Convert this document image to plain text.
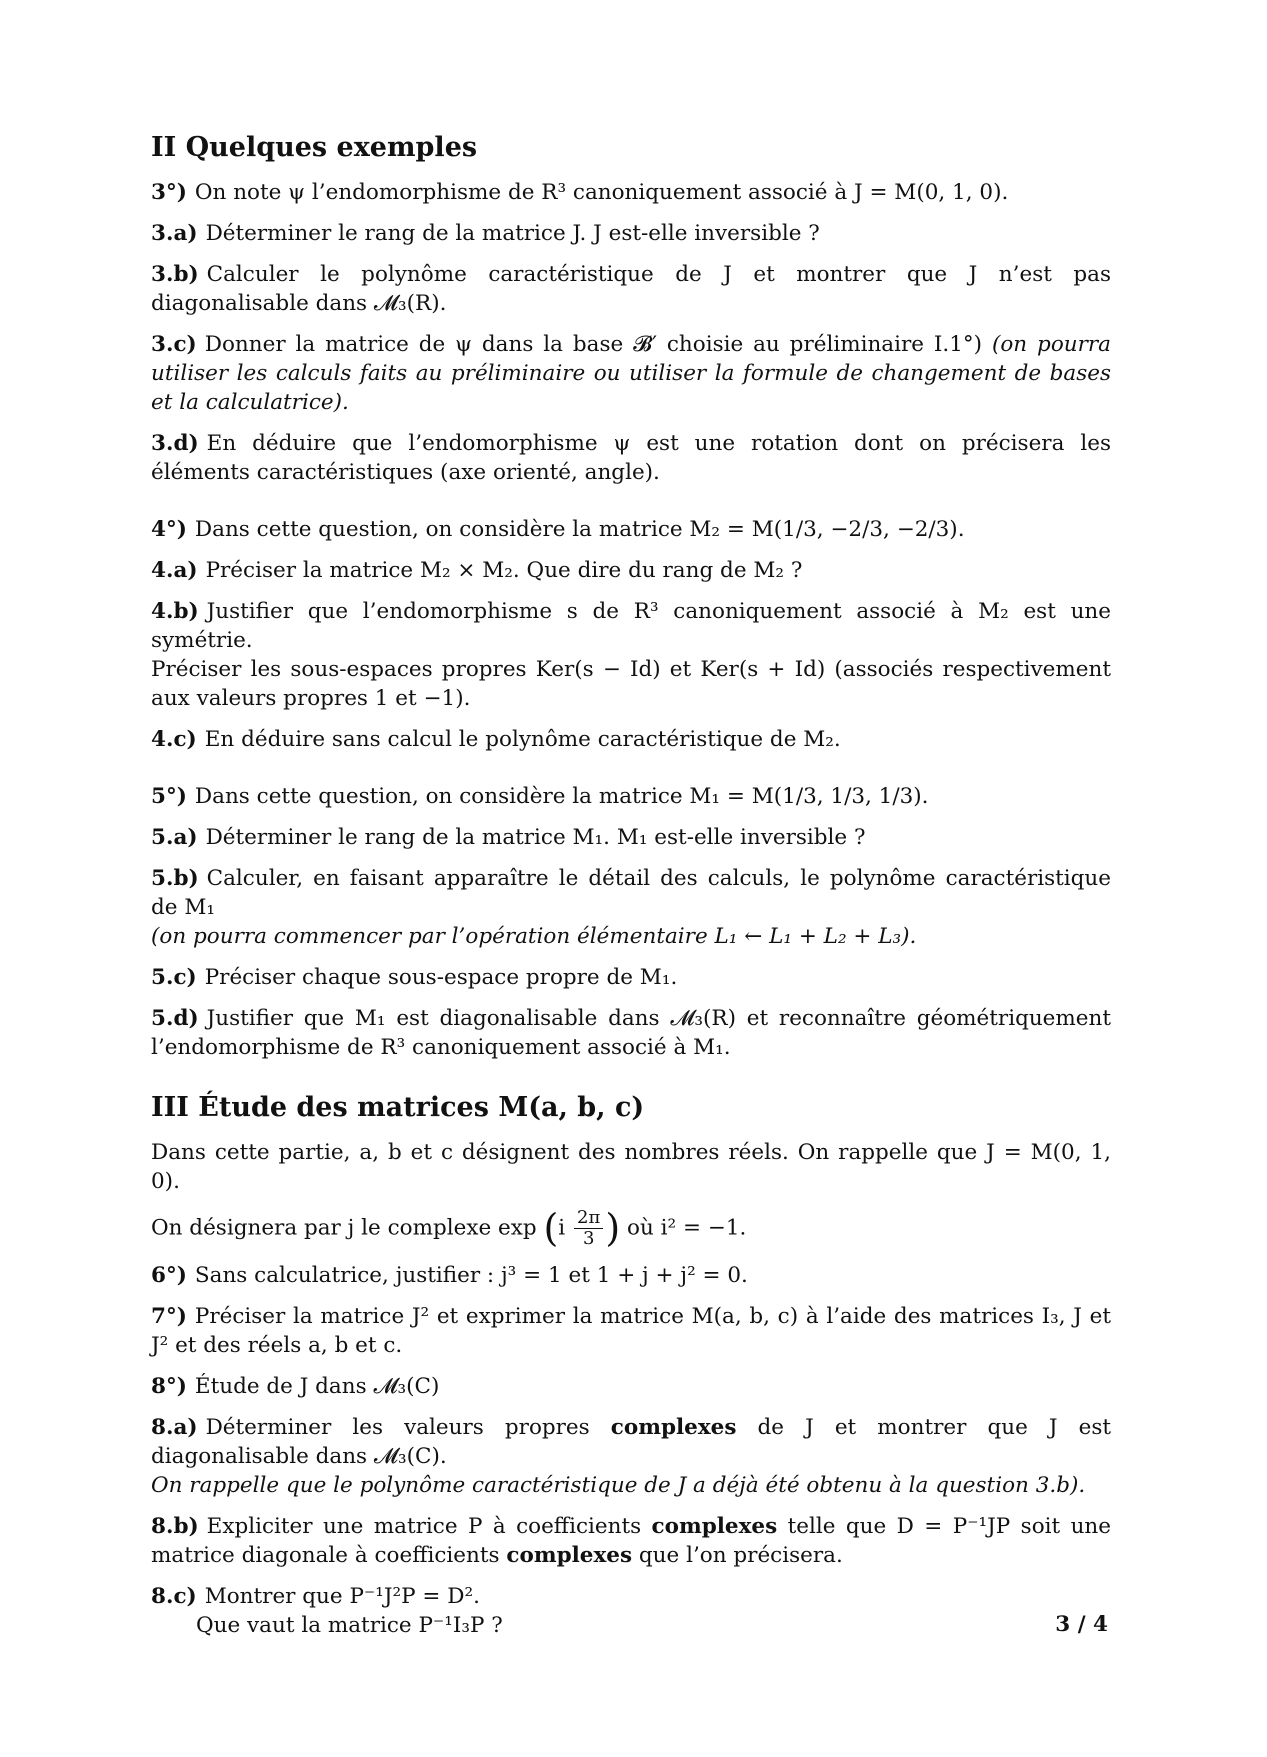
II Quelques exemples

3°) On note ψ l’endomorphisme de R³ canoniquement associé à J = M(0, 1, 0).

3.a) Déterminer le rang de la matrice J. J est-elle inversible ?

3.b) Calculer le polynôme caractéristique de J et montrer que J n’est pas diagonalisable dans 𝓜₃(R).

3.c) Donner la matrice de ψ dans la base 𝓑′ choisie au préliminaire I.1°) (on pourra utiliser les calculs faits au préliminaire ou utiliser la formule de changement de bases et la calculatrice).

3.d) En déduire que l’endomorphisme ψ est une rotation dont on précisera les éléments caractéristiques (axe orienté, angle).

4°) Dans cette question, on considère la matrice M₂ = M(1/3, −2/3, −2/3).

4.a) Préciser la matrice M₂ × M₂. Que dire du rang de M₂ ?

4.b) Justifier que l’endomorphisme s de R³ canoniquement associé à M₂ est une symétrie.
Préciser les sous-espaces propres Ker(s − Id) et Ker(s + Id) (associés respectivement aux valeurs propres 1 et −1).

4.c) En déduire sans calcul le polynôme caractéristique de M₂.

5°) Dans cette question, on considère la matrice M₁ = M(1/3, 1/3, 1/3).

5.a) Déterminer le rang de la matrice M₁. M₁ est-elle inversible ?

5.b) Calculer, en faisant apparaître le détail des calculs, le polynôme caractéristique de M₁
(on pourra commencer par l’opération élémentaire L₁ ← L₁ + L₂ + L₃).

5.c) Préciser chaque sous-espace propre de M₁.

5.d) Justifier que M₁ est diagonalisable dans 𝓜₃(R) et reconnaître géométriquement l’endomorphisme de R³ canoniquement associé à M₁.

III Étude des matrices M(a, b, c)

Dans cette partie, a, b et c désignent des nombres réels. On rappelle que J = M(0, 1, 0).

On désignera par j le complexe $\exp (i \frac{2\pi}{3}$ ) où i² = −1.

6°) Sans calculatrice, justifier : j³ = 1 et 1 + j + j² = 0.

7°) Préciser la matrice J² et exprimer la matrice M(a, b, c) à l’aide des matrices I₃, J et J² et des réels a, b et c.

8°) Étude de J dans 𝓜₃(C)

8.a) Déterminer les valeurs propres complexes de J et montrer que J est diagonalisable dans 𝓜₃(C).
On rappelle que le polynôme caractéristique de J a déjà été obtenu à la question 3.b).

8.b) Expliciter une matrice P à coefficients complexes telle que D = P⁻¹JP soit une matrice diagonale à coefficients complexes que l’on précisera.

8.c) Montrer que P⁻¹J²P = D².
Que vaut la matrice P⁻¹I₃P ?	3 / 4
